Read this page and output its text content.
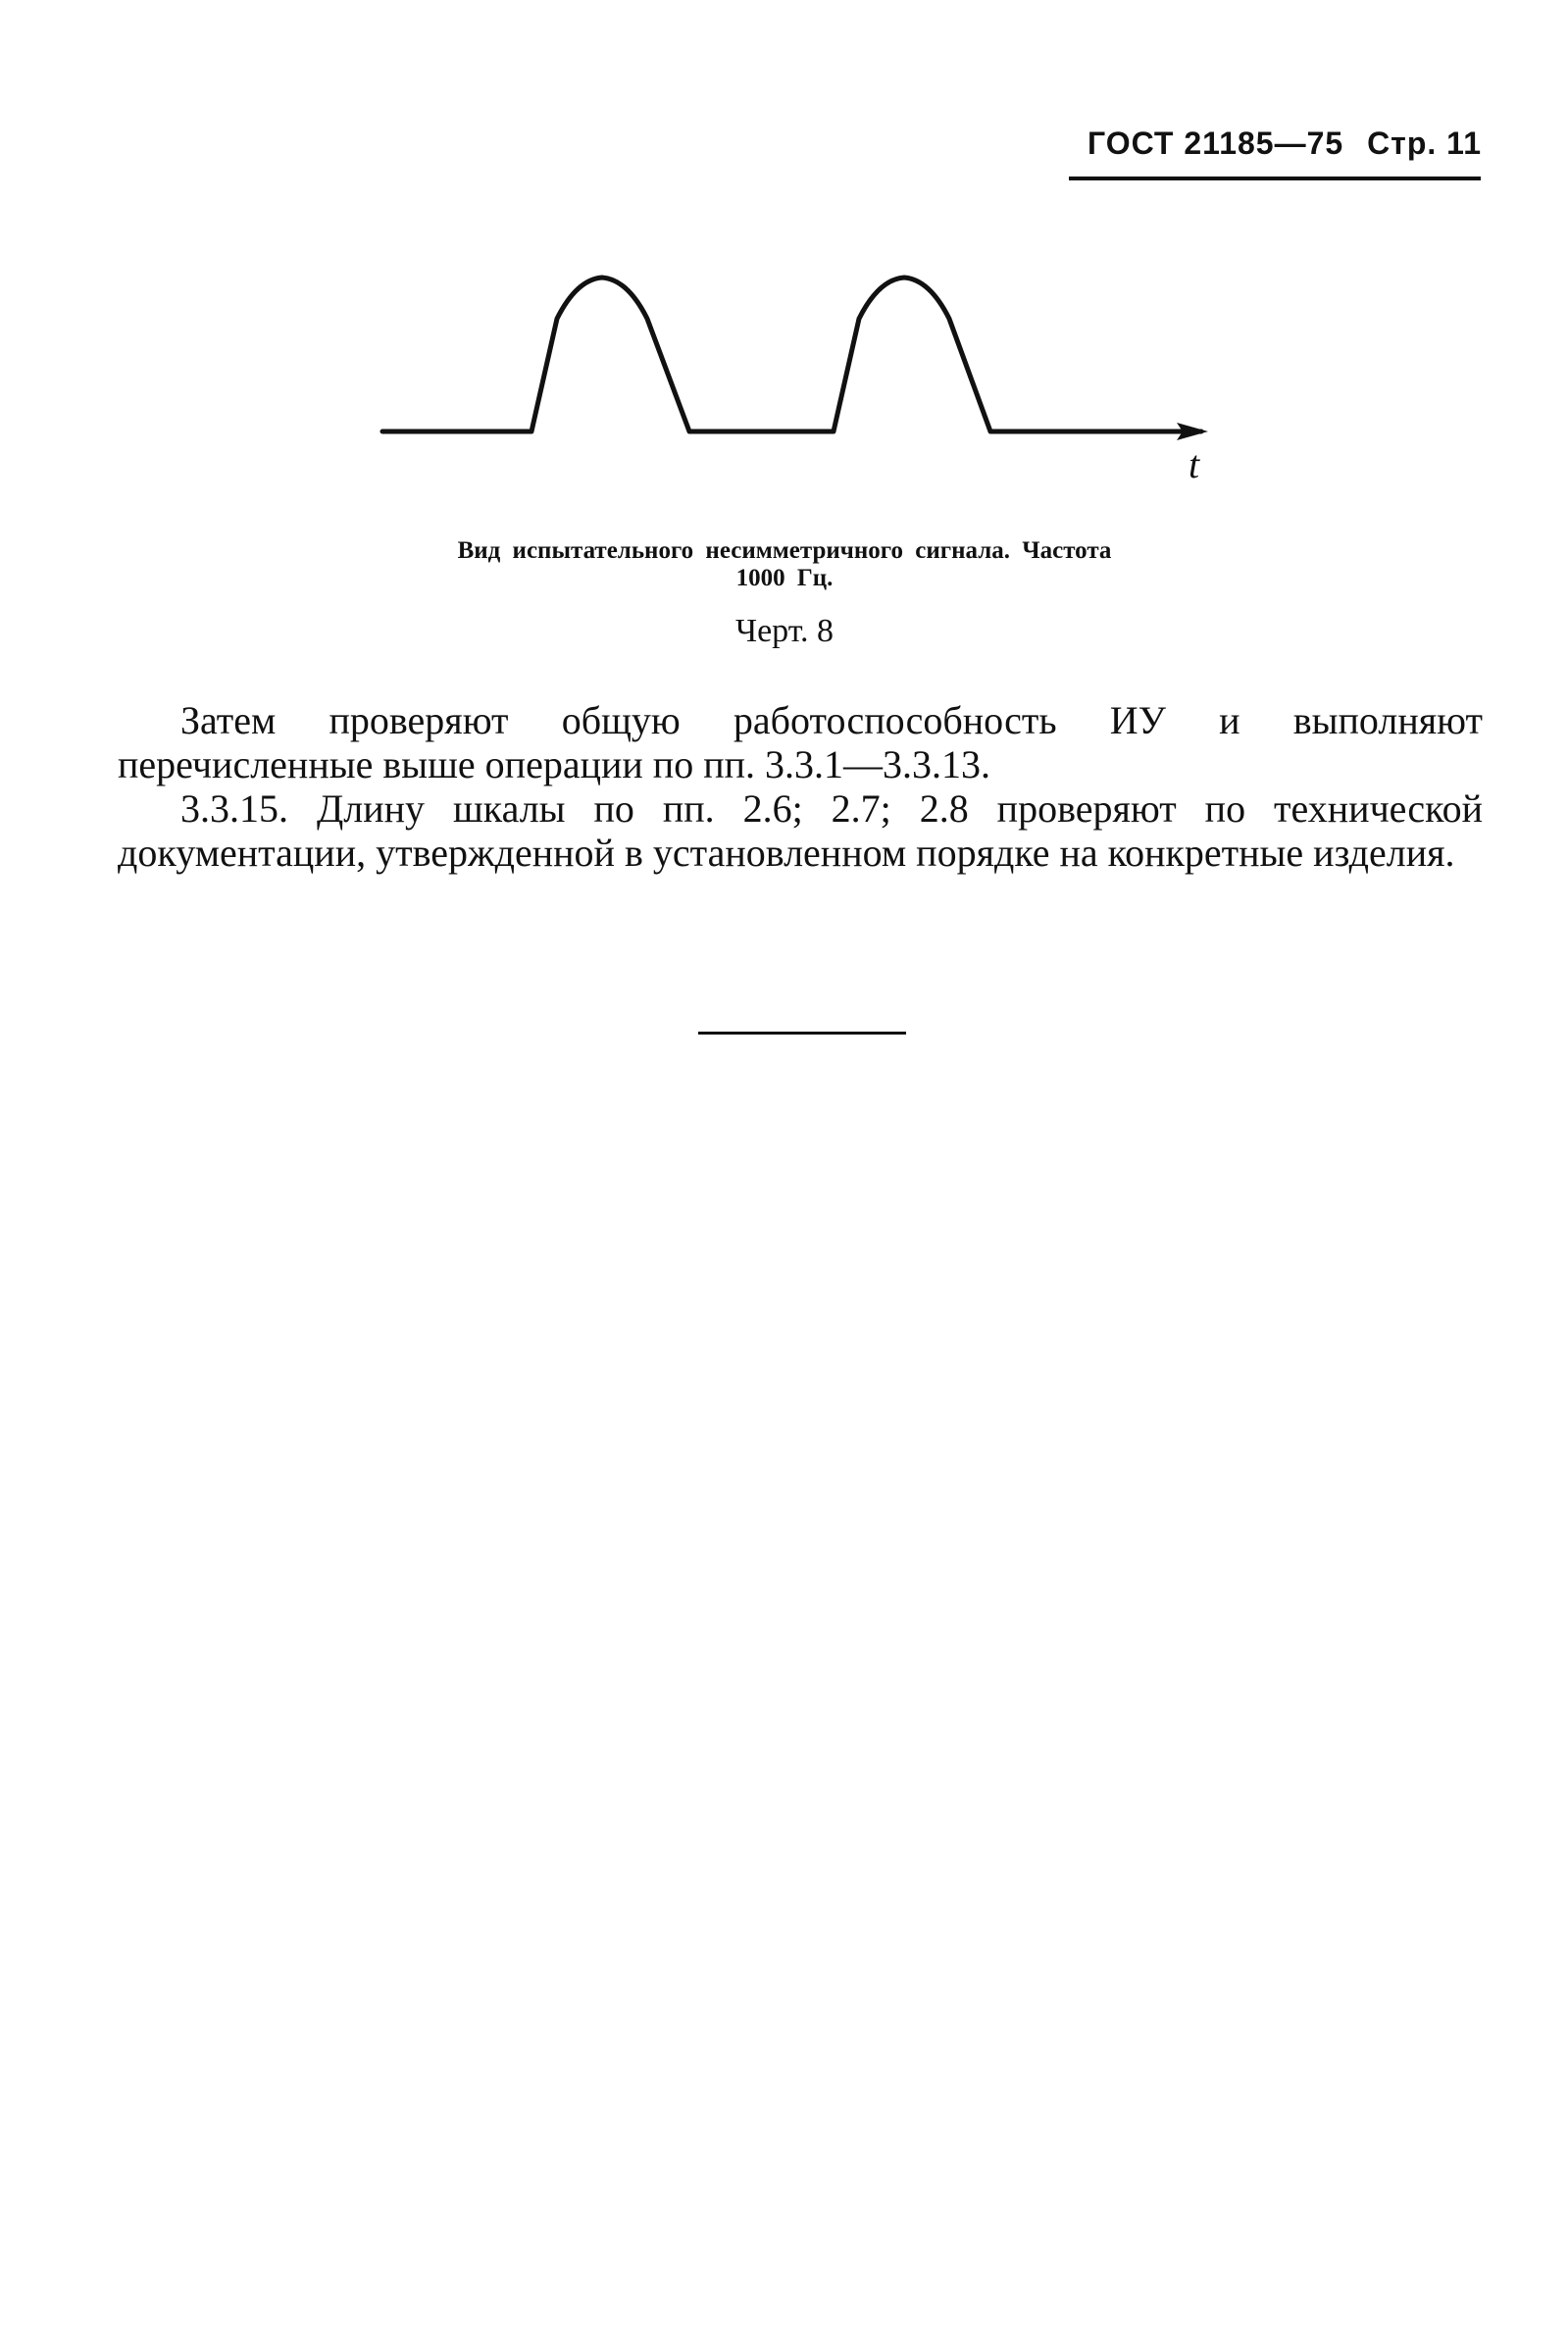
ГОСТ 21185—75 Стр. 11
t
Вид испытательного несимметричного сигнала. Частота
1000 Гц.
Черт. 8

Затем проверяют общую работоспособность ИУ и выполняют перечисленные выше операции по пп. 3.3.1—3.3.13.

3.3.15. Длину шкалы по пп. 2.6; 2.7; 2.8 проверяют по технической документации, утвержденной в установленном порядке на конкретные изделия.
